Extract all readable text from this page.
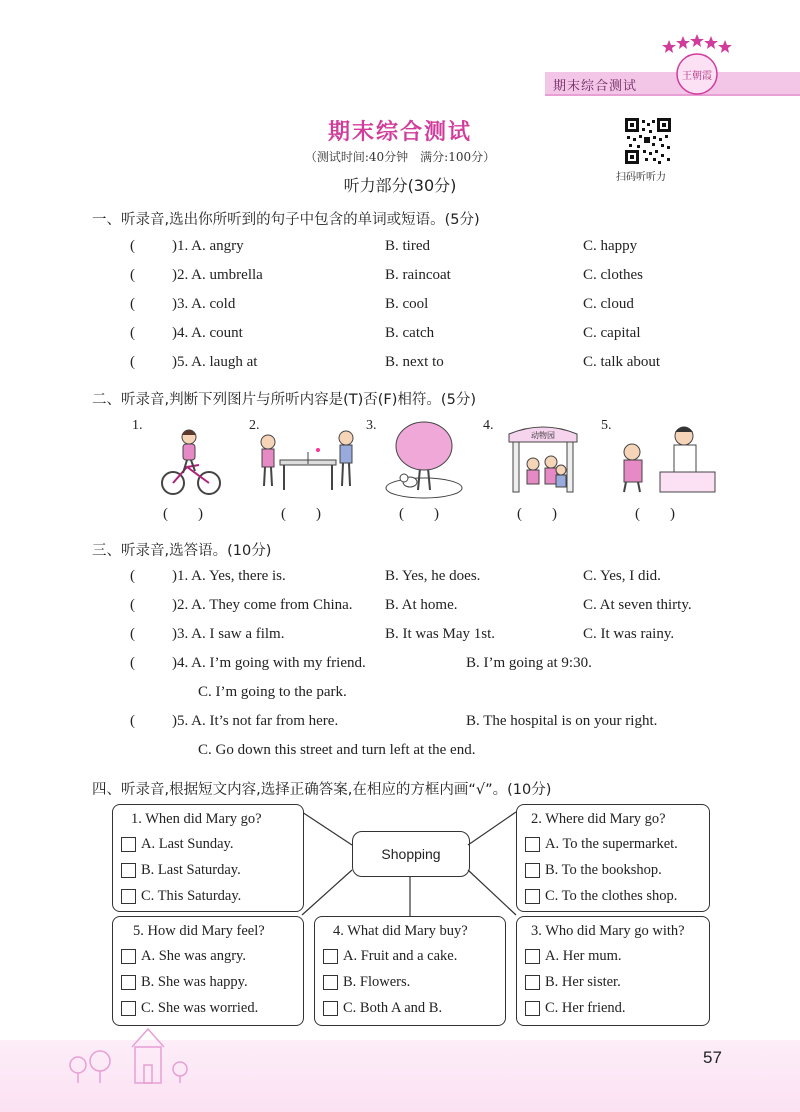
期末综合测试
王朝霞
期末综合测试
（测试时间:40分钟　满分:100分）
听力部分(30分)	扫码听听力
一、听录音,选出你所听到的句子中包含的单词或短语。(5分)
( )1. A. angry	B. tired	C. happy
( )2. A. umbrella	B. raincoat	C. clothes
( )3. A. cold	B. cool	C. cloud
( )4. A. count	B. catch	C. capital
( )5. A. laugh at	B. next to	C. talk about
二、听录音,判断下列图片与所听内容是(T)否(F)相符。(5分)
1.	2.	3.	4.	5.
动物园
(　　)	(　　)	(　　)	(　　)	(　　)
三、听录音,选答语。(10分)
( )1. A. Yes, there is.	B. Yes, he does.	C. Yes, I did.
( )2. A. They come from China. B. At home.	C. At seven thirty.
( )3. A. I saw a film.	B. It was May 1st.	C. It was rainy.
( )4. A. I’m going with my friend.	B. I’m going at 9:30.
C. I’m going to the park.
( )5. A. It’s not far from here.	B. The hospital is on your right.
C. Go down this street and turn left at the end.
四、听录音,根据短文内容,选择正确答案,在相应的方框内画“√”。(10分)
Shopping
1. When did Mary go?
A. Last Sunday.
B. Last Saturday.
C. This Saturday.
2. Where did Mary go?
A. To the supermarket.
B. To the bookshop.
C. To the clothes shop.
5. How did Mary feel?
A. She was angry.
B. She was happy.
C. She was worried.
4. What did Mary buy?
A. Fruit and a cake.
B. Flowers.
C. Both A and B.
3. Who did Mary go with?
A. Her mum.
B. Her sister.
C. Her friend.
57
